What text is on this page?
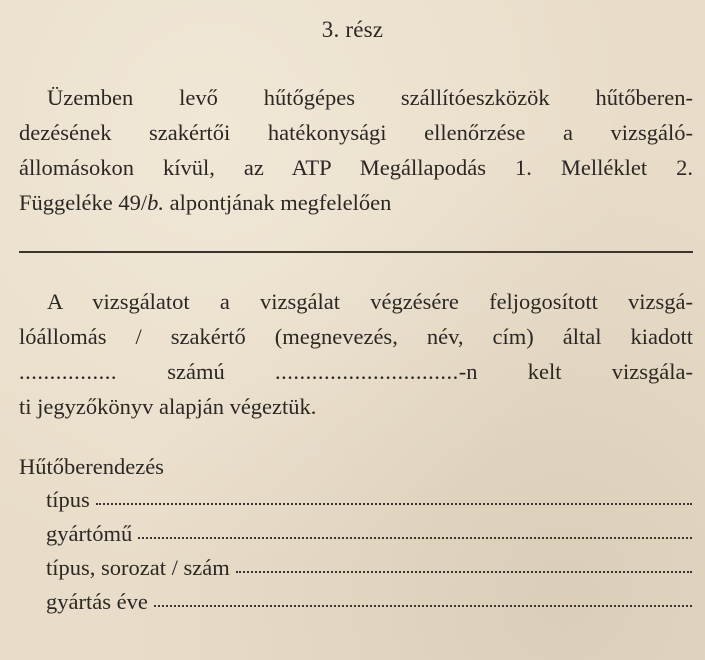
3. rész
Üzemben levő hűtőgépes szállítóeszközök hűtőberen-
dezésének szakértői hatékonysági ellenőrzése a vizsgáló-
állomásokon kívül, az ATP Megállapodás 1. Melléklet 2.
Függeléke 49/b. alpontjának megfelelően
A vizsgálatot a vizsgálat végzésére feljogosított vizsgá-
lóállomás / szakértő (megnevezés, név, cím) által kiadott
................ számú ..............................-n kelt vizsgála-
ti jegyzőkönyv alapján végeztük.
Hűtőberendezés
típus
gyártómű
típus, sorozat / szám
gyártás éve
